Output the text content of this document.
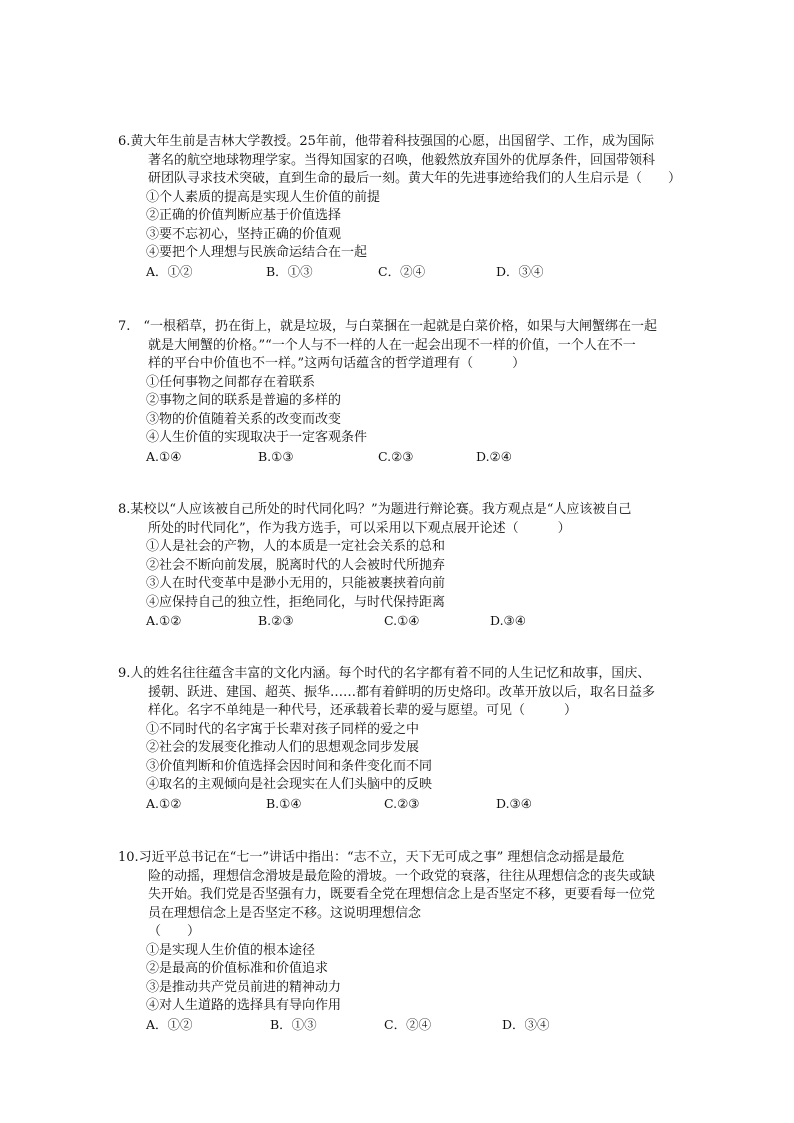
6.黄大年生前是吉林大学教授。25年前，他带着科技强国的心愿，出国留学、工作，成为国际
著名的航空地球物理学家。当得知国家的召唤，他毅然放弃国外的优厚条件，回国带领科
研团队寻求技术突破，直到生命的最后一刻。黄大年的先进事迹给我们的人生启示是（　　）
①个人素质的提高是实现人生价值的前提
②正确的价值判断应基于价值选择
③要不忘初心，坚持正确的价值观
④要把个人理想与民族命运结合在一起
A．①②	B．①③	C．②④	D．③④
7.　“一根稻草，扔在街上，就是垃圾，与白菜捆在一起就是白菜价格，如果与大闸蟹绑在一起
就是大闸蟹的价格。”“一个人与不一样的人在一起会出现不一样的价值，一个人在不一
样的平台中价值也不一样。”这两句话蕴含的哲学道理有（　　　）
①任何事物之间都存在着联系
②事物之间的联系是普遍的多样的
③物的价值随着关系的改变而改变
④人生价值的实现取决于一定客观条件
A.①④	B.①③	C.②③	D.②④
8.某校以“人应该被自己所处的时代同化吗？”为题进行辩论赛。我方观点是“人应该被自己
所处的时代同化”，作为我方选手，可以采用以下观点展开论述（　　　）
①人是社会的产物，人的本质是一定社会关系的总和
②社会不断向前发展，脱离时代的人会被时代所抛弃
③人在时代变革中是渺小无用的，只能被裹挟着向前
④应保持自己的独立性，拒绝同化，与时代保持距离
A.①②	B.②③	C.①④	D.③④
9.人的姓名往往蕴含丰富的文化内涵。每个时代的名字都有着不同的人生记忆和故事，国庆、
援朝、跃进、建国、超英、振华……都有着鲜明的历史烙印。改革开放以后，取名日益多
样化。名字不单纯是一种代号，还承载着长辈的爱与愿望。可见（　　　）
①不同时代的名字寓于长辈对孩子同样的爱之中
②社会的发展变化推动人们的思想观念同步发展
③价值判断和价值选择会因时间和条件变化而不同
④取名的主观倾向是社会现实在人们头脑中的反映
A.①②	B.①④	C.②③	D.③④
10.习近平总书记在“七一”讲话中指出：“志不立，天下无可成之事” 理想信念动摇是最危
险的动摇，理想信念滑坡是最危险的滑坡。一个政党的衰落，往往从理想信念的丧失或缺
失开始。我们党是否坚强有力，既要看全党在理想信念上是否坚定不移，更要看每一位党
员在理想信念上是否坚定不移。这说明理想信念
（　　）
①是实现人生价值的根本途径
②是最高的价值标准和价值追求
③是推动共产党员前进的精神动力
④对人生道路的选择具有导向作用
A．①②	B．①③	C．②④	D．③④
